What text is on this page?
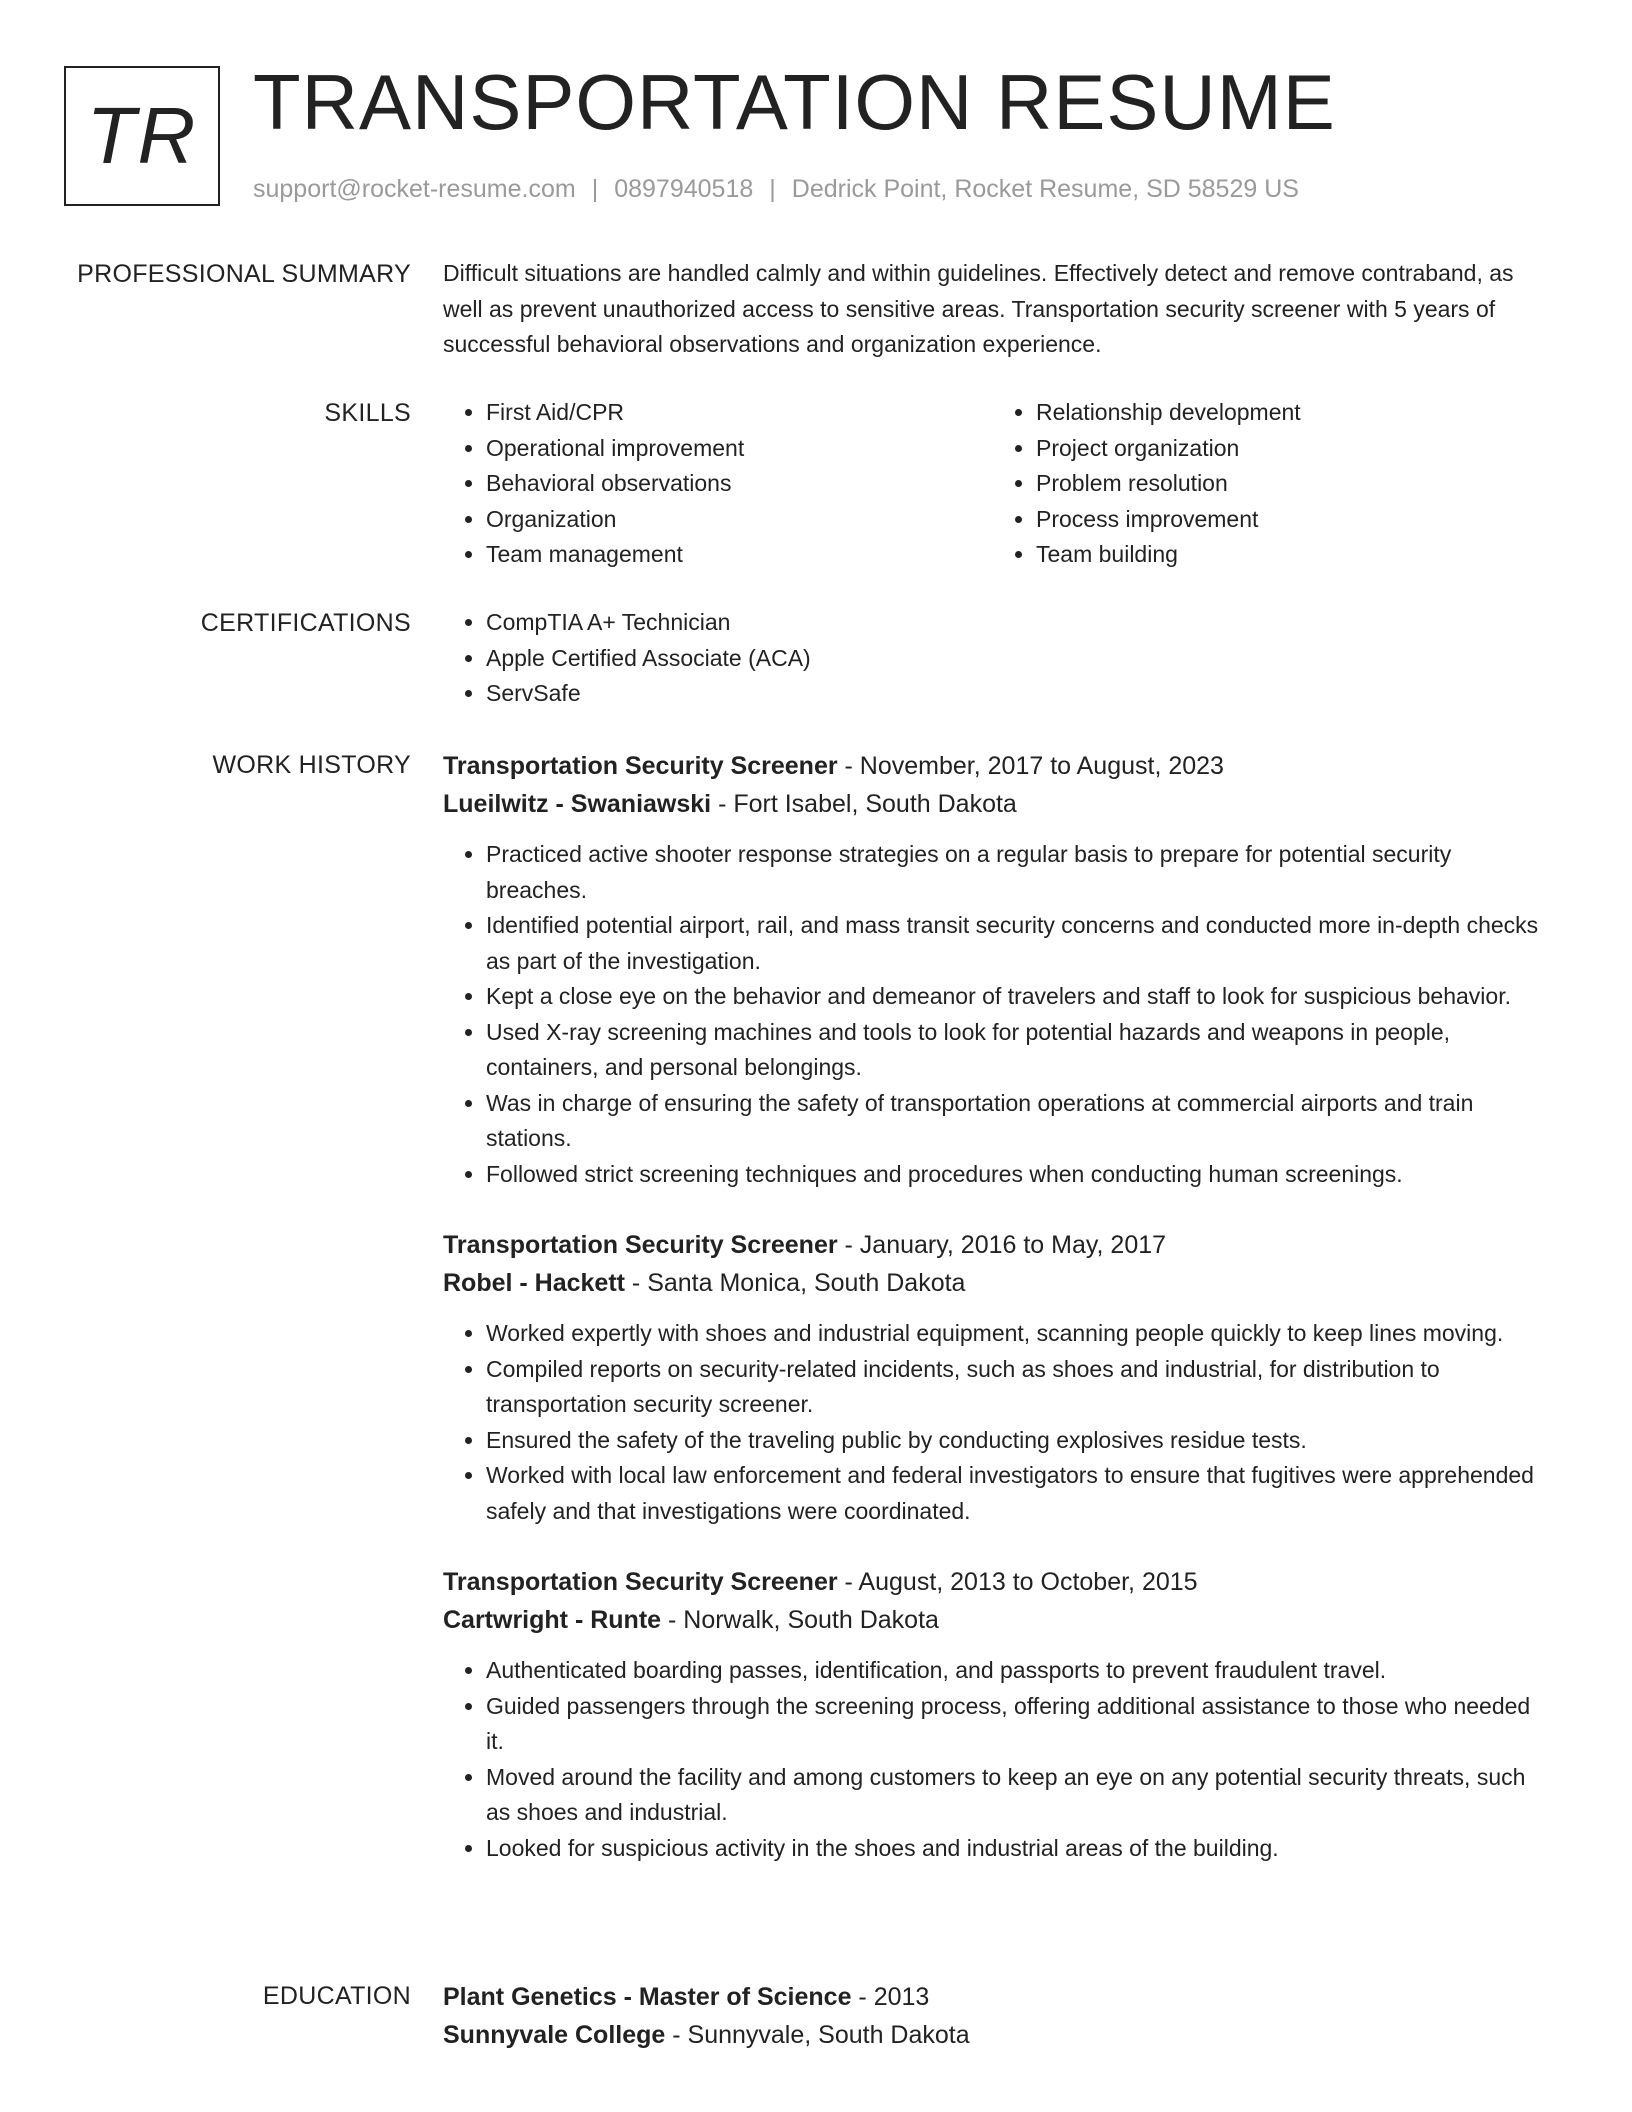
TR TRANSPORTATION RESUME
support@rocket-resume.com | 0897940518 | Dedrick Point, Rocket Resume, SD 58529 US
PROFESSIONAL SUMMARY Difficult situations are handled calmly and within guidelines. Effectively detect and remove contraband, as well as prevent unauthorized access to sensitive areas. Transportation security screener with 5 years of successful behavioral observations and organization experience.

SKILLS	• First Aid/CPR
• Operational improvement
• Behavioral observations
• Organization
• Team management
• Relationship development
• Project organization
• Problem resolution
• Process improvement
• Team building
CERTIFICATIONS	• CompTIA A+ Technician
• Apple Certified Associate (ACA)
• ServSafe
WORK HISTORY Transportation Security Screener - November, 2017 to August, 2023
Lueilwitz - Swaniawski - Fort Isabel, South Dakota
• Practiced active shooter response strategies on a regular basis to prepare for potential security breaches.
• Identified potential airport, rail, and mass transit security concerns and conducted more in-depth checks as part of the investigation.
• Kept a close eye on the behavior and demeanor of travelers and staff to look for suspicious behavior.
• Used X-ray screening machines and tools to look for potential hazards and weapons in people, containers, and personal belongings.
• Was in charge of ensuring the safety of transportation operations at commercial airports and train stations.
• Followed strict screening techniques and procedures when conducting human screenings.
Transportation Security Screener - January, 2016 to May, 2017
Robel - Hackett - Santa Monica, South Dakota
• Worked expertly with shoes and industrial equipment, scanning people quickly to keep lines moving.
• Compiled reports on security-related incidents, such as shoes and industrial, for distribution to transportation security screener.
• Ensured the safety of the traveling public by conducting explosives residue tests.
• Worked with local law enforcement and federal investigators to ensure that fugitives were apprehended safely and that investigations were coordinated.
Transportation Security Screener - August, 2013 to October, 2015
Cartwright - Runte - Norwalk, South Dakota
• Authenticated boarding passes, identification, and passports to prevent fraudulent travel.
• Guided passengers through the screening process, offering additional assistance to those who needed it.
• Moved around the facility and among customers to keep an eye on any potential security threats, such as shoes and industrial.
• Looked for suspicious activity in the shoes and industrial areas of the building.
EDUCATION Plant Genetics - Master of Science - 2013
Sunnyvale College - Sunnyvale, South Dakota
